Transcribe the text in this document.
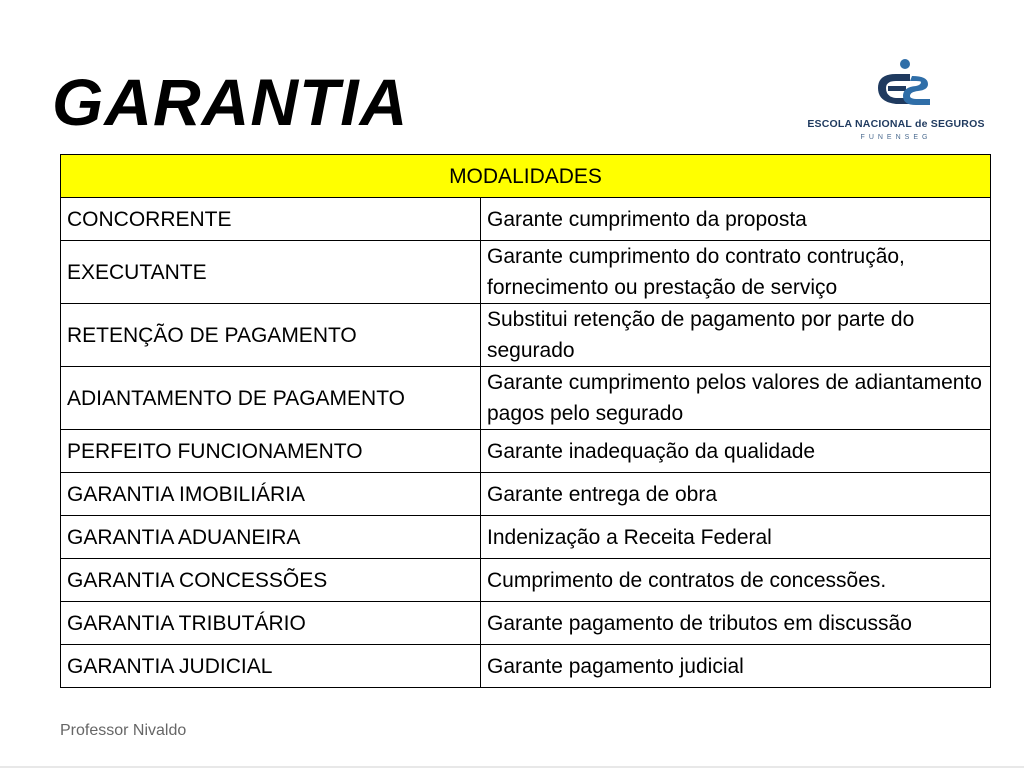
GARANTIA	ESCOLA NACIONAL de SEGUROS
FUNENSEG
MODALIDADES	
CONCORRENTE	Garante cumprimento da proposta
EXECUTANTE	Garante cumprimento do contrato contrução, fornecimento ou prestação de serviço
RETENÇÃO DE PAGAMENTO	Substitui retenção de pagamento por parte do segurado
ADIANTAMENTO DE PAGAMENTO	Garante cumprimento pelos valores de adiantamento pagos pelo segurado
PERFEITO FUNCIONAMENTO	Garante inadequação da qualidade
GARANTIA IMOBILIÁRIA	Garante entrega de obra
GARANTIA ADUANEIRA	Indenização a Receita Federal
GARANTIA CONCESSÕES	Cumprimento de contratos de concessões.
GARANTIA TRIBUTÁRIO	Garante pagamento de tributos em discussão
GARANTIA JUDICIAL	Garante pagamento judicial
Professor Nivaldo
